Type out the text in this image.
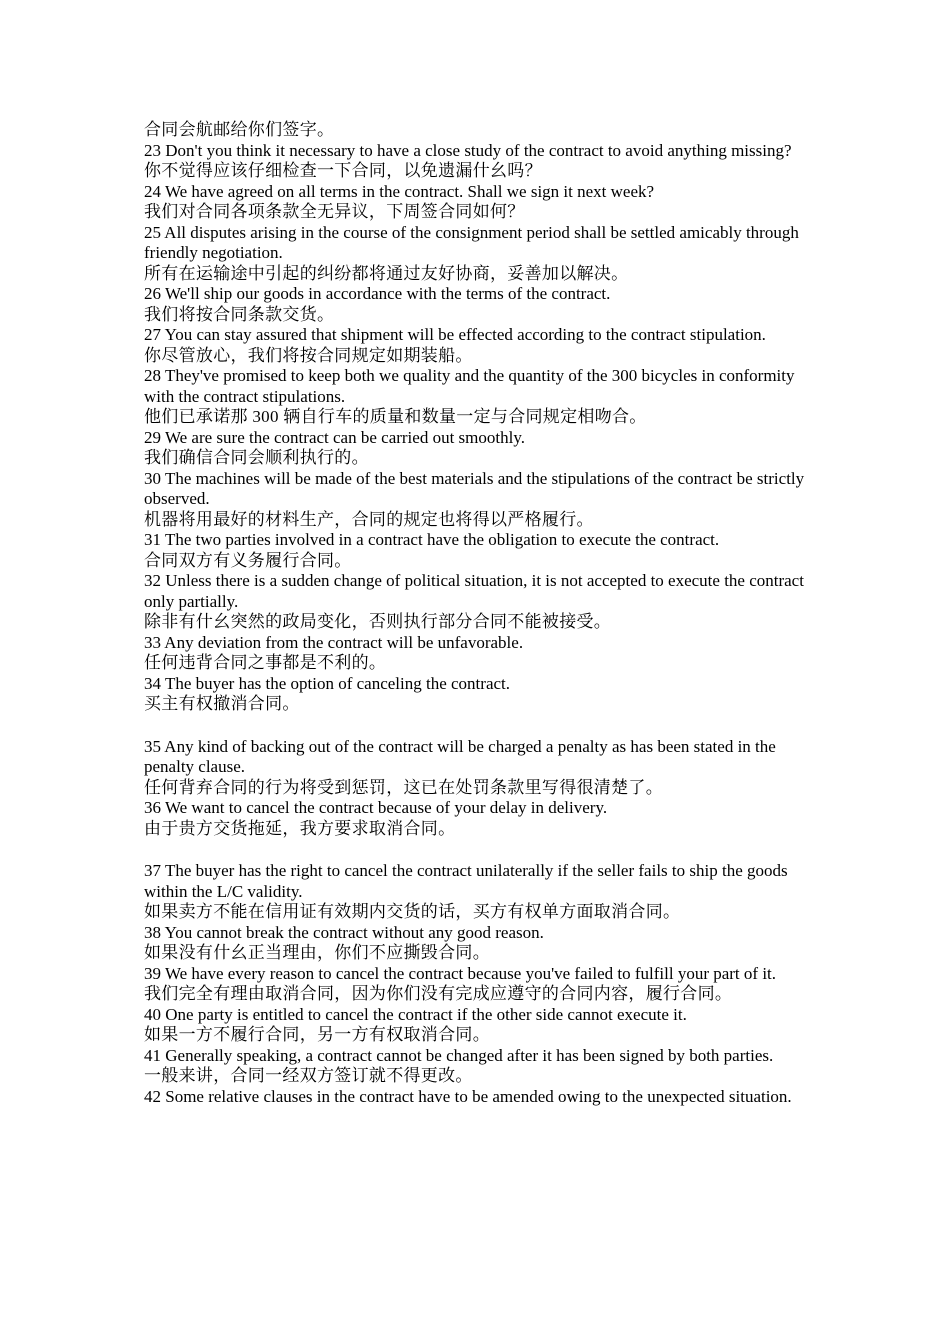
合同会航邮给你们签字。
23 Don't you think it necessary to have a close study of the contract to avoid anything missing?
你不觉得应该仔细检查一下合同，以免遗漏什幺吗？
24 We have agreed on all terms in the contract. Shall we sign it next week?
我们对合同各项条款全无异议，下周签合同如何？
25 All disputes arising in the course of the consignment period shall be settled amicably through friendly negotiation.
所有在运输途中引起的纠纷都将通过友好协商，妥善加以解决。
26 We'll ship our goods in accordance with the terms of the contract.
我们将按合同条款交货。
27 You can stay assured that shipment will be effected according to the contract stipulation.
你尽管放心，我们将按合同规定如期装船。
28 They've promised to keep both we quality and the quantity of the 300 bicycles in conformity with the contract stipulations.
他们已承诺那 300 辆自行车的质量和数量一定与合同规定相吻合。
29 We are sure the contract can be carried out smoothly.
我们确信合同会顺利执行的。
30 The machines will be made of the best materials and the stipulations of the contract be strictly observed.
机器将用最好的材料生产，合同的规定也将得以严格履行。
31 The two parties involved in a contract have the obligation to execute the contract.
合同双方有义务履行合同。
32 Unless there is a sudden change of political situation, it is not accepted to execute the contract only partially.
除非有什幺突然的政局变化，否则执行部分合同不能被接受。
33 Any deviation from the contract will be unfavorable.
任何违背合同之事都是不利的。
34 The buyer has the option of canceling the contract.
买主有权撤消合同。
35 Any kind of backing out of the contract will be charged a penalty as has been stated in the penalty clause.
任何背弃合同的行为将受到惩罚，这已在处罚条款里写得很清楚了。
36 We want to cancel the contract because of your delay in delivery.
由于贵方交货拖延，我方要求取消合同。
37 The buyer has the right to cancel the contract unilaterally if the seller fails to ship the goods within the L/C validity.
如果卖方不能在信用证有效期内交货的话，买方有权单方面取消合同。
38 You cannot break the contract without any good reason.
如果没有什幺正当理由，你们不应撕毁合同。
39 We have every reason to cancel the contract because you've failed to fulfill your part of it.
我们完全有理由取消合同，因为你们没有完成应遵守的合同内容，履行合同。
40 One party is entitled to cancel the contract if the other side cannot execute it.
如果一方不履行合同，另一方有权取消合同。
41 Generally speaking, a contract cannot be changed after it has been signed by both parties.
一般来讲，合同一经双方签订就不得更改。
42 Some relative clauses in the contract have to be amended owing to the unexpected situation.
